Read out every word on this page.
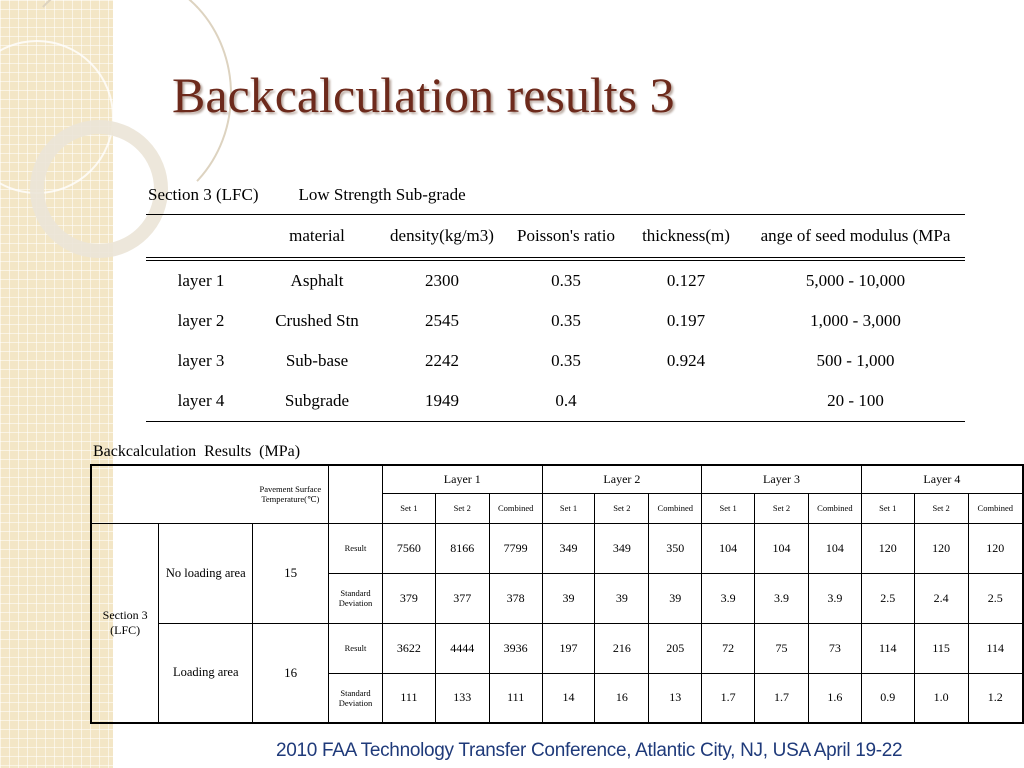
Backcalculation results 3
Section 3 (LFC) Low Strength Sub-grade
	material	density(kg/m3)	Poisson's ratio	thickness(m)	ange of seed modulus (MPa
layer 1	Asphalt	2300	0.35	0.127	5,000 - 10,000
layer 2	Crushed Stn	2545	0.35	0.197	1,000 - 3,000
layer 3	Sub-base	2242	0.35	0.924	500 - 1,000
layer 4	Subgrade	1949	0.4		20 - 100
Backcalculation Results (MPa)
		Pavement Surface Temperature(℃)		Layer 1			Layer 2			Layer 3			Layer 4		
				Set 1	Set 2	Combined	Set 1	Set 2	Combined	Set 1	Set 2	Combined	Set 1	Set 2	Combined
Section 3 (LFC)	No loading area	15	Result	7560	8166	7799	349	349	350	104	104	104	120	120	120
			Standard Deviation	379	377	378	39	39	39	3.9	3.9	3.9	2.5	2.4	2.5
	Loading area	16	Result	3622	4444	3936	197	216	205	72	75	73	114	115	114
			Standard Deviation	111	133	111	14	16	13	1.7	1.7	1.6	0.9	1.0	1.2
2010 FAA Technology Transfer Conference, Atlantic City, NJ, USA April 19-22
